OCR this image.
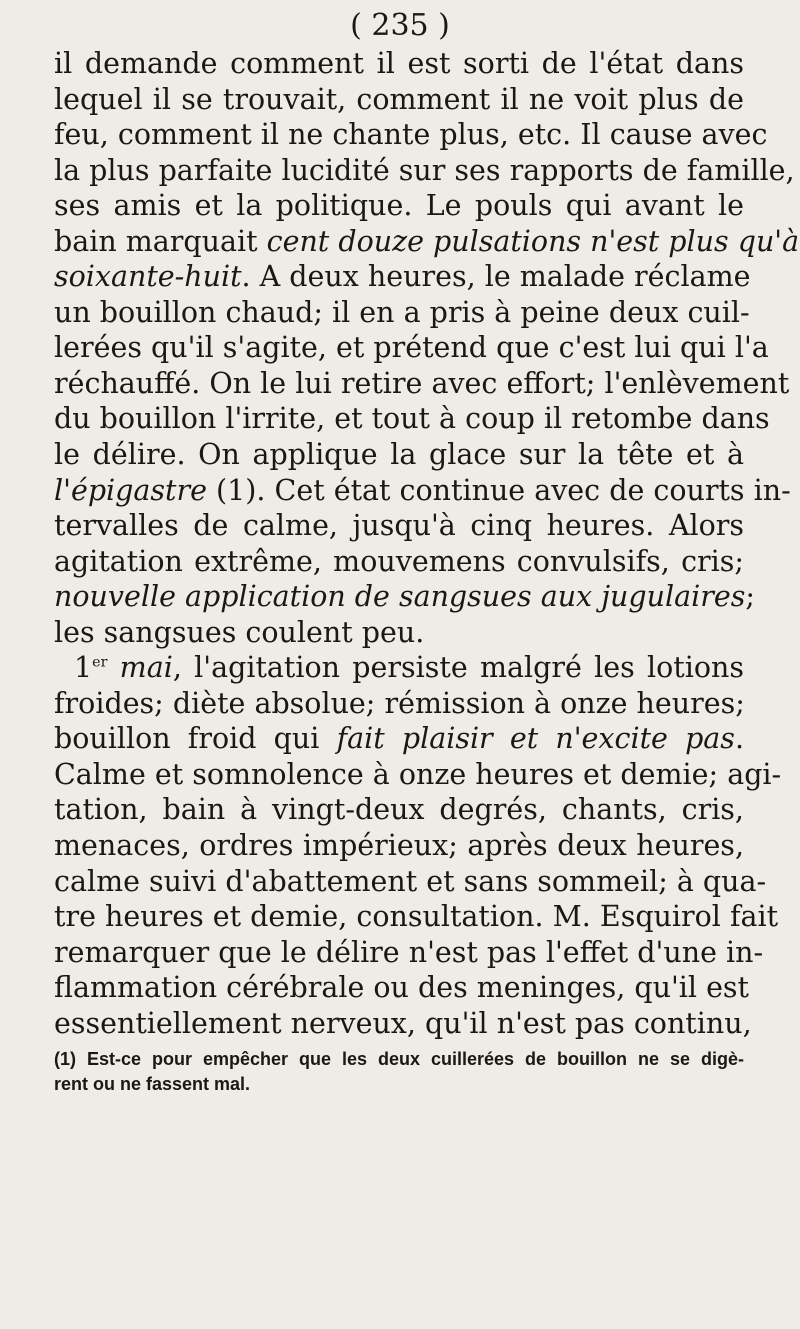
( 235 )
il demande comment il est sorti de l'état dans
lequel il se trouvait, comment il ne voit plus de
feu, comment il ne chante plus, etc. Il cause avec
la plus parfaite lucidité sur ses rapports de famille,
ses amis et la politique. Le pouls qui avant le
bain marquait cent douze pulsations n'est plus qu'à
soixante-huit. A deux heures, le malade réclame
un bouillon chaud; il en a pris à peine deux cuil-
lerées qu'il s'agite, et prétend que c'est lui qui l'a
réchauffé. On le lui retire avec effort; l'enlèvement
du bouillon l'irrite, et tout à coup il retombe dans
le délire. On applique la glace sur la tête et à
l'épigastre (1). Cet état continue avec de courts in-
tervalles de calme, jusqu'à cinq heures. Alors
agitation extrême, mouvemens convulsifs, cris;
nouvelle application de sangsues aux jugulaires;
les sangsues coulent peu.
1er mai, l'agitation persiste malgré les lotions
froides; diète absolue; rémission à onze heures;
bouillon froid qui fait plaisir et n'excite pas.
Calme et somnolence à onze heures et demie; agi-
tation, bain à vingt-deux degrés, chants, cris,
menaces, ordres impérieux; après deux heures,
calme suivi d'abattement et sans sommeil; à qua-
tre heures et demie, consultation. M. Esquirol fait
remarquer que le délire n'est pas l'effet d'une in-
flammation cérébrale ou des meninges, qu'il est
essentiellement nerveux, qu'il n'est pas continu,
(1) Est-ce pour empêcher que les deux cuillerées de bouillon ne se digè-
rent ou ne fassent mal.
